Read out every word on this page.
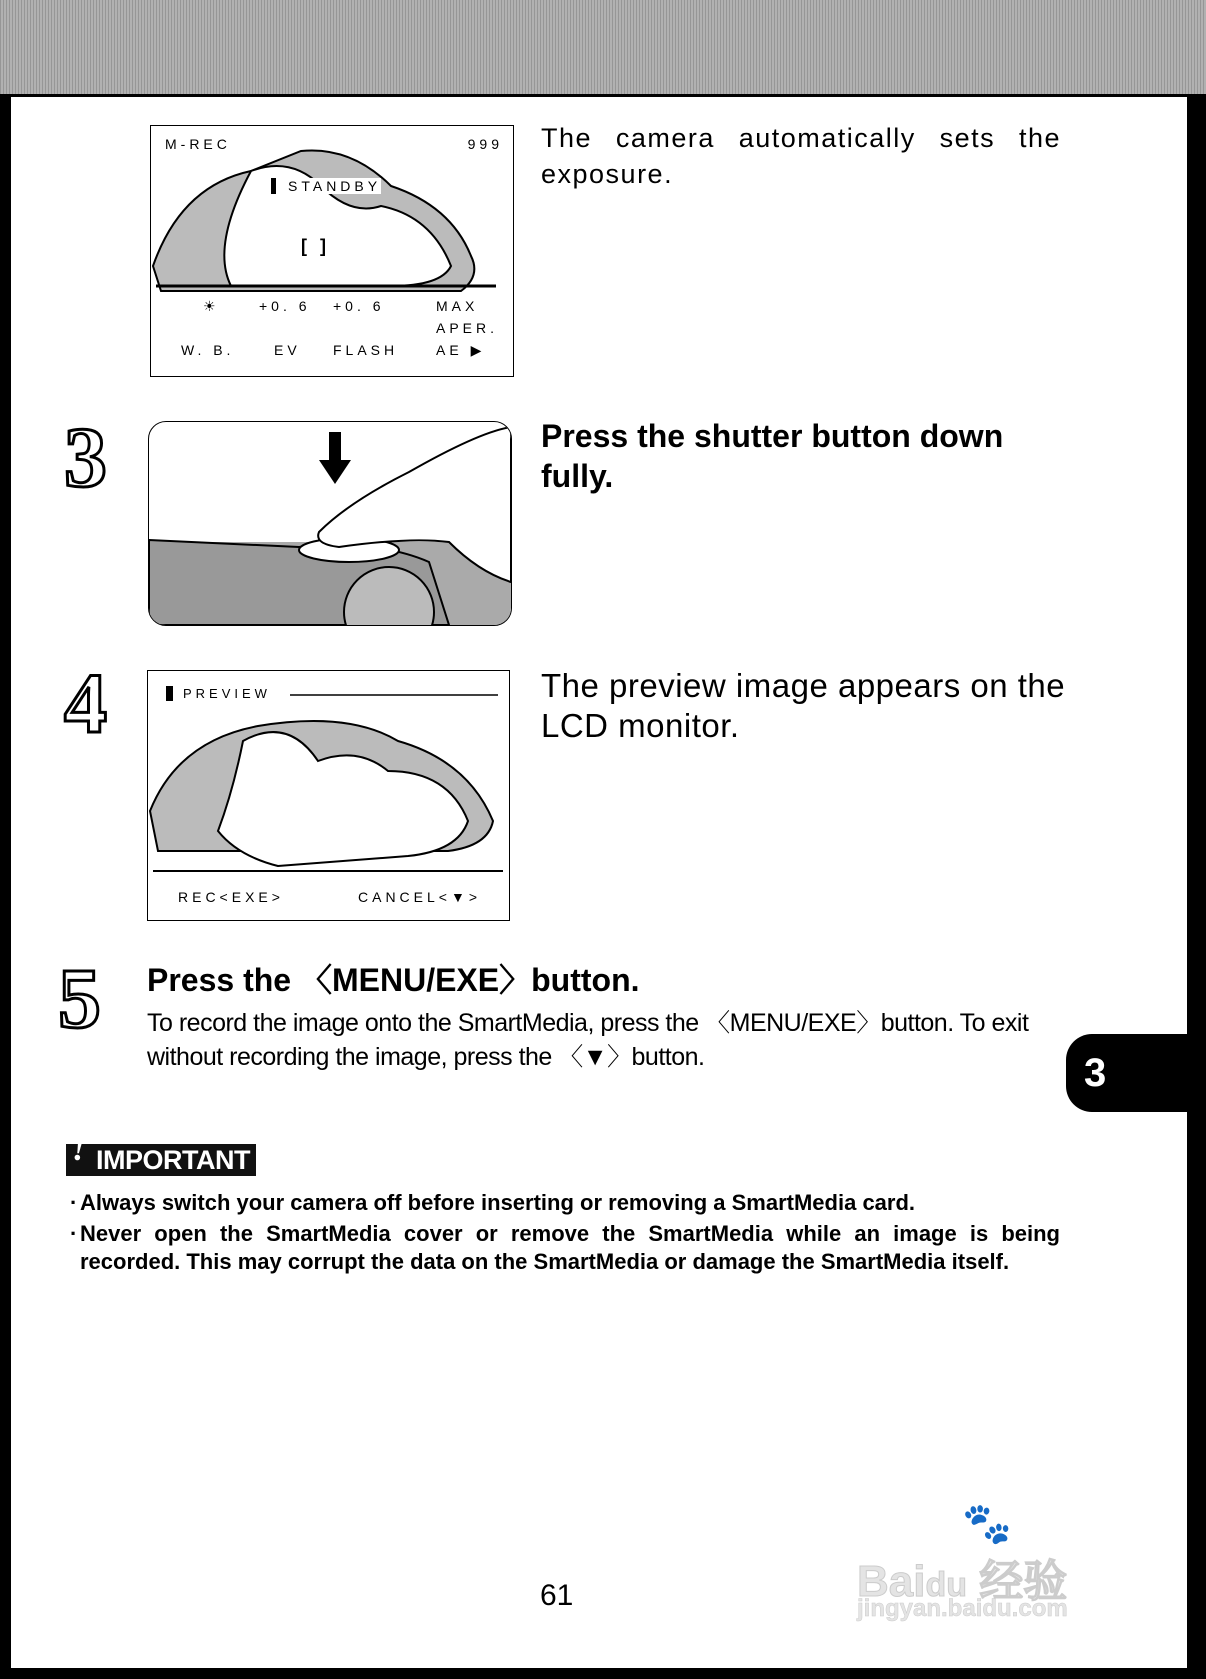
M-REC	999
STANDBY
[ ]
☀	+0. 6 +0. 6	MAX
APER.
W. B.	EV FLASH	AE ▶
The camera automatically sets the exposure.
3	Press the shutter button down fully.
4	PREVIEW
REC<EXE>	CANCEL<▼>
The preview image appears on the LCD monitor.
5 Press the 〈MENU/EXE〉button.
To record the image onto the SmartMedia, press the 〈MENU/EXE〉button. To exit without recording the image, press the 〈▼〉button.	3
! IMPORTANT
· Always switch your camera off before inserting or removing a SmartMedia card.
· Never open the SmartMedia cover or remove the SmartMedia while an image is being recorded. This may corrupt the data on the SmartMedia or damage the SmartMedia itself.
61
🐾
Baidu 经验
jingyan.baidu.com
